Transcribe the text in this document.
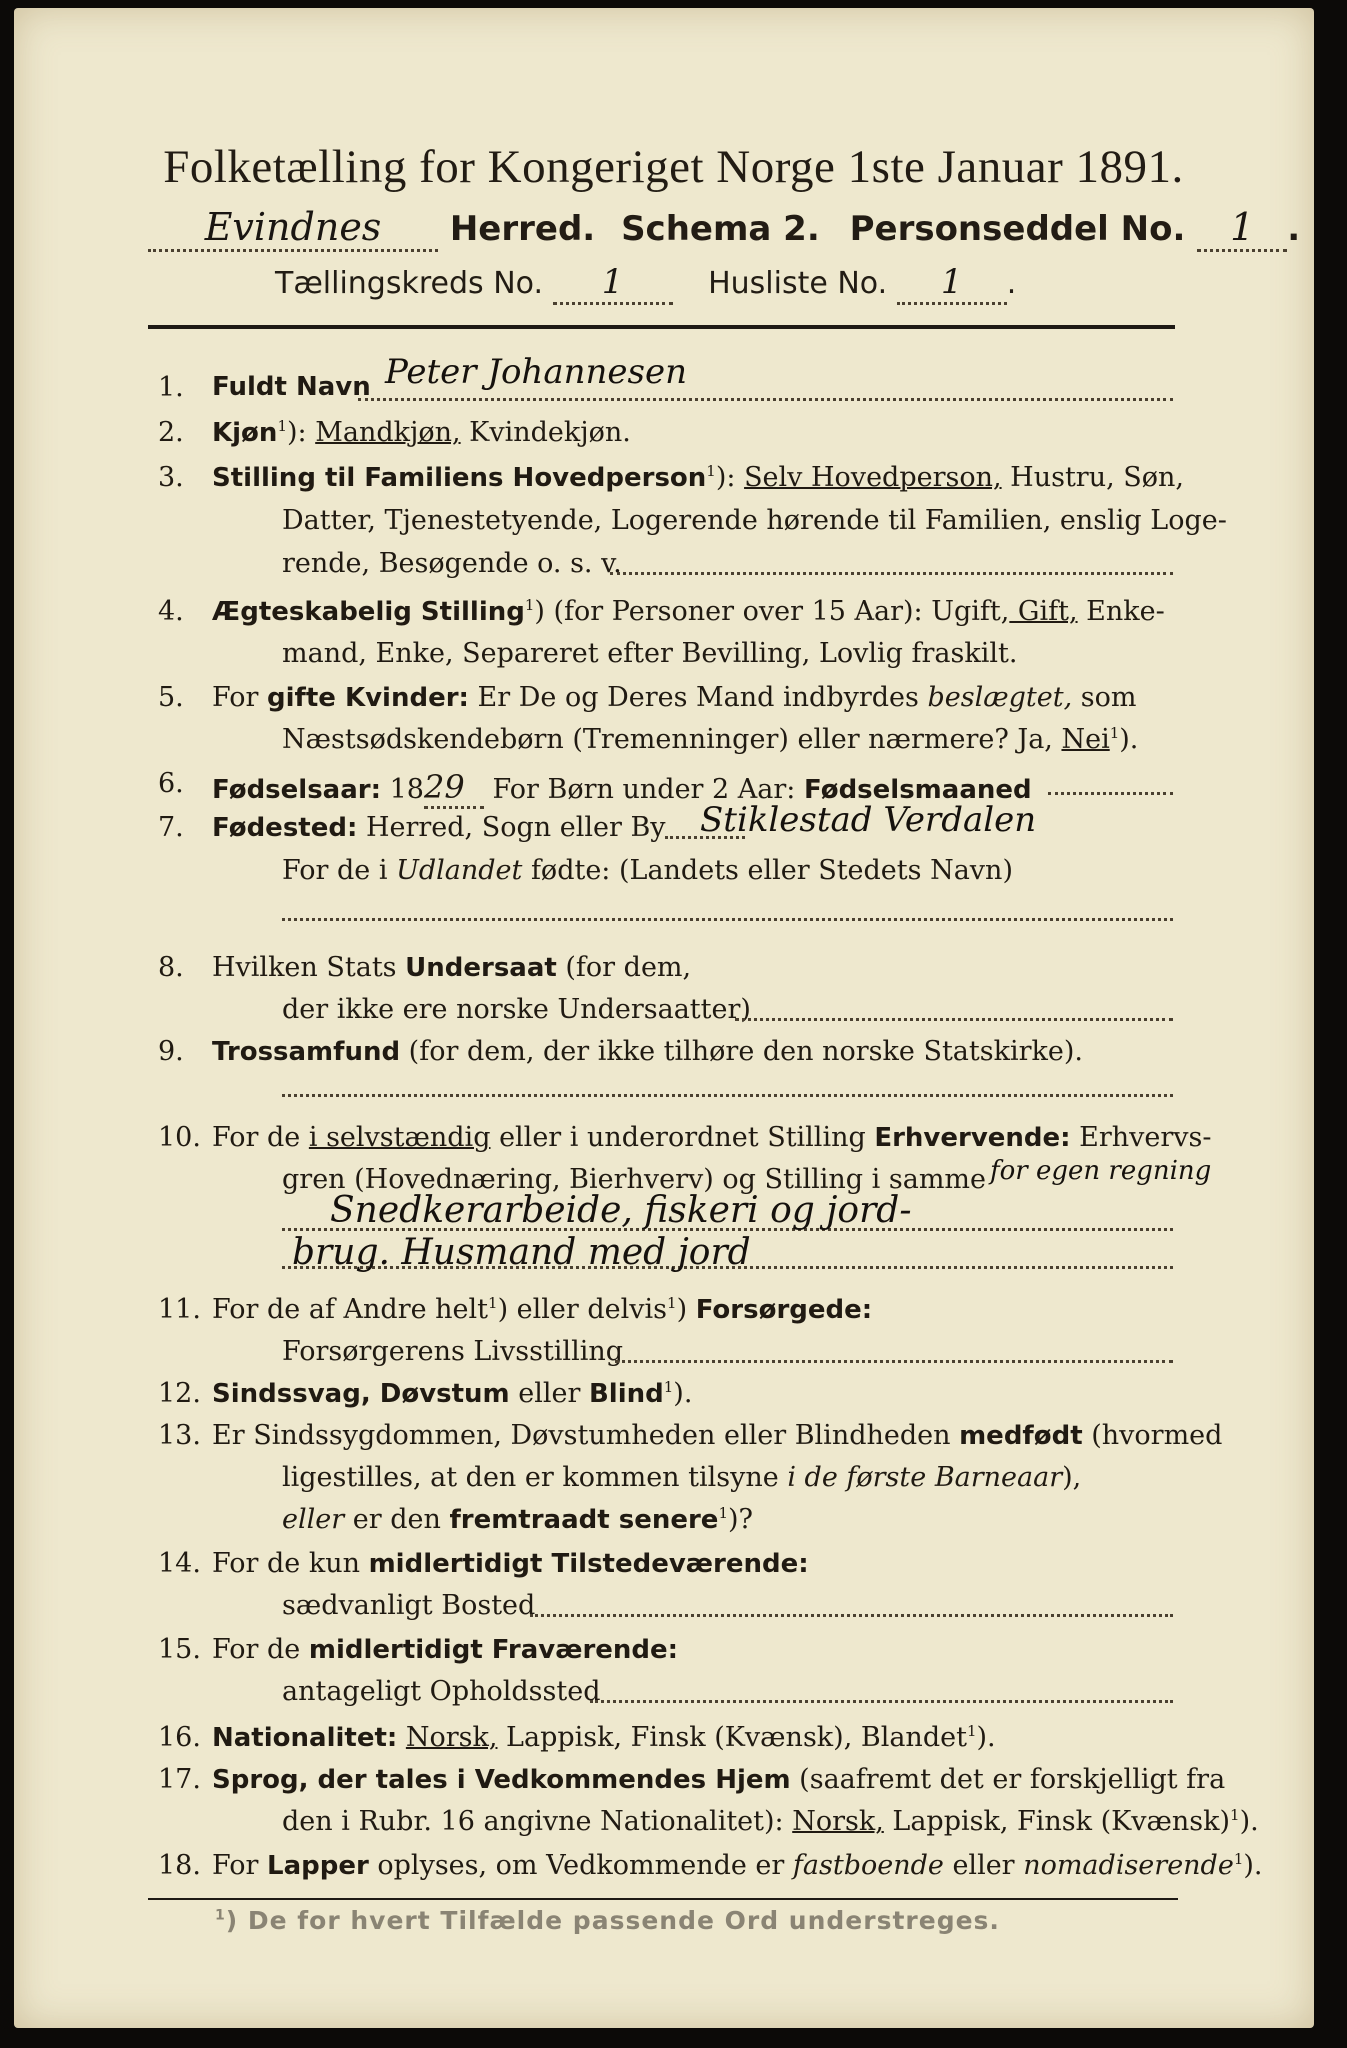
Folketælling for Kongeriget Norge 1ste Januar 1891.
Evindnes Herred. Schema 2. Personseddel No. 1 .
Tællingskreds No. 1	Husliste No. 1 .
1.	Fuldt Navn Peter Johannesen
2.	Kjøn$^1$): Mandkjøn, Kvindekjøn.
3.	Stilling til Familiens Hovedperson$^1$): Selv Hovedperson, Hustru, Søn,
Datter, Tjenestetyende, Logerende hørende til Familien, enslig Loge-
rende, Besøgende o. s. v.
4.	Ægteskabelig Stilling$^1$) (for Personer over 15 Aar): Ugift, Gift, Enke-
mand, Enke, Separeret efter Bevilling, Lovlig fraskilt.
5.	For gifte Kvinder: Er De og Deres Mand indbyrdes beslægtet, som
Næstsødskendebørn (Tremenninger) eller nærmere? Ja, Nei$^1$).
6.	Fødselsaar: 1829 For Børn under 2 Aar: Fødselsmaaned
7.	Fødested: Herred, Sogn eller By Stiklestad Verdalen
For de i Udlandet fødte: (Landets eller Stedets Navn)
8.	Hvilken Stats Undersaat (for dem,
der ikke ere norske Undersaatter)
9.	Trossamfund (for dem, der ikke tilhøre den norske Statskirke).
10. For de i selvstændig eller i underordnet Stilling Erhvervende: Erhvervs-
gren (Hovednæring, Bierhverv) og Stilling i samme for egen regning
Snedkerarbeide, fiskeri og jord-
brug. Husmand med jord
11. For de af Andre helt$^1$) eller delvis$^1$) Forsørgede:
Forsørgerens Livsstilling
12. Sindssvag, Døvstum eller Blind$^1$).
13. Er Sindssygdommen, Døvstumheden eller Blindheden medfødt (hvormed
ligestilles, at den er kommen tilsyne i de første Barneaar),
eller er den fremtraadt senere$^1$)?
14. For de kun midlertidigt Tilstedeværende:
sædvanligt Bosted
15. For de midlertidigt Fraværende:
antageligt Opholdssted
16. Nationalitet: Norsk, Lappisk, Finsk (Kvænsk), Blandet$^1$).
17. Sprog, der tales i Vedkommendes Hjem (saafremt det er forskjelligt fra
den i Rubr. 16 angivne Nationalitet): Norsk, Lappisk, Finsk (Kvænsk)$^1$).
18. For Lapper oplyses, om Vedkommende er fastboende eller nomadiserende$^1$).
$^1$) De for hvert Tilfælde passende Ord understreges.
